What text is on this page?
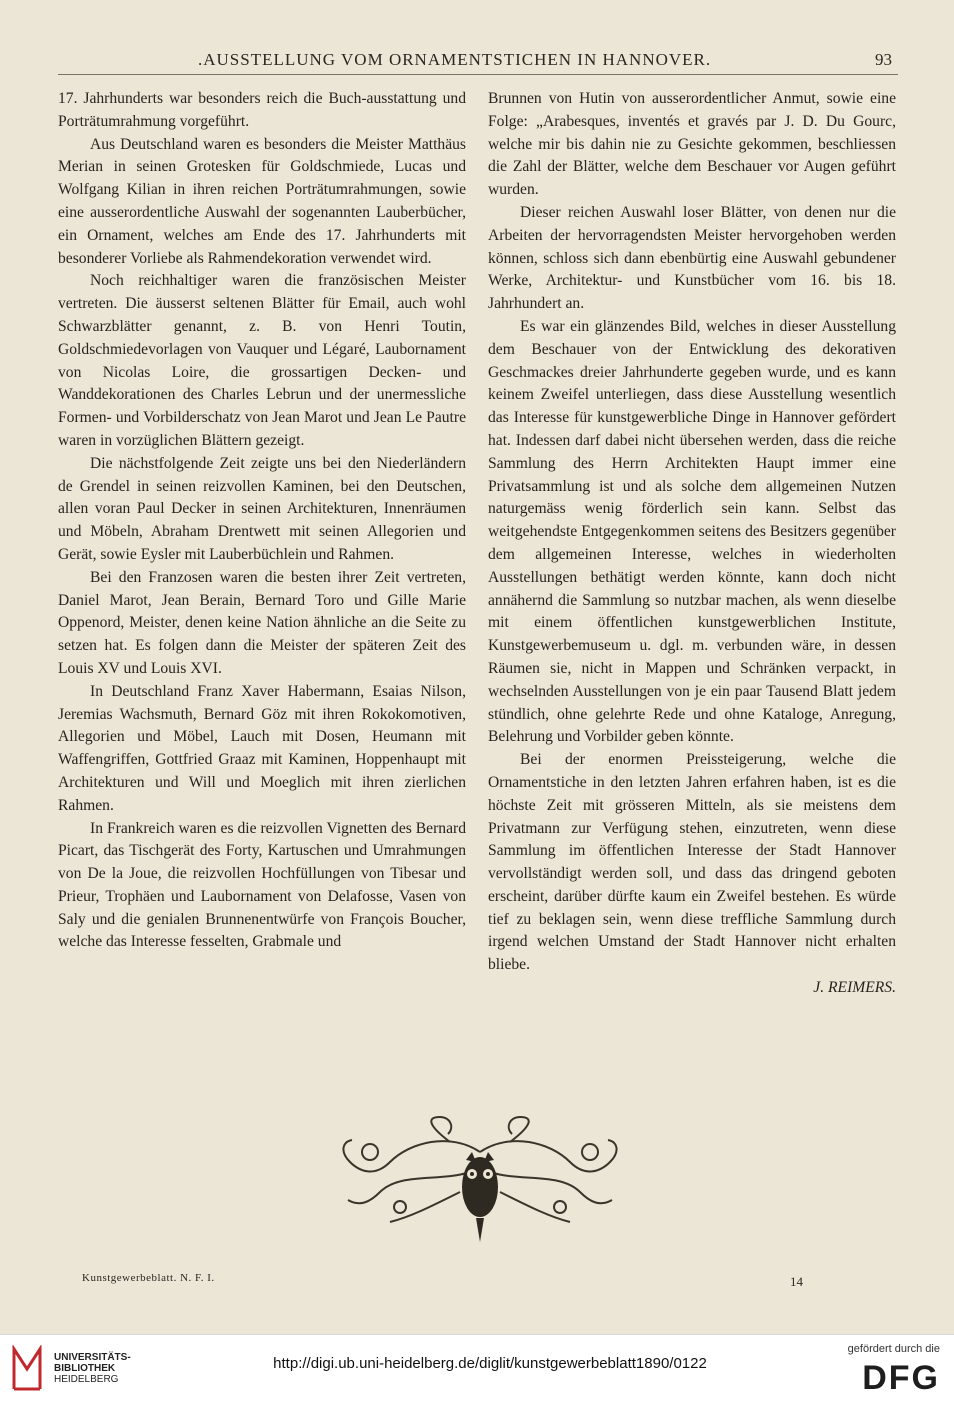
.AUSSTELLUNG VOM ORNAMENTSTICHEN IN HANNOVER.	93

17. Jahrhunderts war besonders reich die Buch-ausstattung und Porträtumrahmung vorgeführt.

Aus Deutschland waren es besonders die Meister Matthäus Merian in seinen Grotesken für Goldschmiede, Lucas und Wolfgang Kilian in ihren reichen Porträtumrahmungen, sowie eine ausserordentliche Auswahl der sogenannten Lauberbücher, ein Ornament, welches am Ende des 17. Jahrhunderts mit besonderer Vorliebe als Rahmendekoration verwendet wird.

Noch reichhaltiger waren die französischen Meister vertreten. Die äusserst seltenen Blätter für Email, auch wohl Schwarzblätter genannt, z. B. von Henri Toutin, Goldschmiedevorlagen von Vauquer und Légaré, Laubornament von Nicolas Loire, die grossartigen Decken- und Wanddekorationen des Charles Lebrun und der unermessliche Formen- und Vorbilderschatz von Jean Marot und Jean Le Pautre waren in vorzüglichen Blättern gezeigt.

Die nächstfolgende Zeit zeigte uns bei den Niederländern de Grendel in seinen reizvollen Kaminen, bei den Deutschen, allen voran Paul Decker in seinen Architekturen, Innenräumen und Möbeln, Abraham Drentwett mit seinen Allegorien und Gerät, sowie Eysler mit Lauberbüchlein und Rahmen.

Bei den Franzosen waren die besten ihrer Zeit vertreten, Daniel Marot, Jean Berain, Bernard Toro und Gille Marie Oppenord, Meister, denen keine Nation ähnliche an die Seite zu setzen hat. Es folgen dann die Meister der späteren Zeit des Louis XV und Louis XVI.

In Deutschland Franz Xaver Habermann, Esaias Nilson, Jeremias Wachsmuth, Bernard Göz mit ihren Rokokomotiven, Allegorien und Möbel, Lauch mit Dosen, Heumann mit Waffengriffen, Gottfried Graaz mit Kaminen, Hoppenhaupt mit Architekturen und Will und Moeglich mit ihren zierlichen Rahmen.

In Frankreich waren es die reizvollen Vignetten des Bernard Picart, das Tischgerät des Forty, Kartuschen und Umrahmungen von De la Joue, die reizvollen Hochfüllungen von Tibesar und Prieur, Trophäen und Laubornament von Delafosse, Vasen von Saly und die genialen Brunnenentwürfe von François Boucher, welche das Interesse fesselten, Grabmale und

Brunnen von Hutin von ausserordentlicher Anmut, sowie eine Folge: „Arabesques, inventés et gravés par J. D. Du Gourc, welche mir bis dahin nie zu Gesichte gekommen, beschliessen die Zahl der Blätter, welche dem Beschauer vor Augen geführt wurden.

Dieser reichen Auswahl loser Blätter, von denen nur die Arbeiten der hervorragendsten Meister hervorgehoben werden können, schloss sich dann ebenbürtig eine Auswahl gebundener Werke, Architektur- und Kunstbücher vom 16. bis 18. Jahrhundert an.

Es war ein glänzendes Bild, welches in dieser Ausstellung dem Beschauer von der Entwicklung des dekorativen Geschmackes dreier Jahrhunderte gegeben wurde, und es kann keinem Zweifel unterliegen, dass diese Ausstellung wesentlich das Interesse für kunstgewerbliche Dinge in Hannover gefördert hat. Indessen darf dabei nicht übersehen werden, dass die reiche Sammlung des Herrn Architekten Haupt immer eine Privatsammlung ist und als solche dem allgemeinen Nutzen naturgemäss wenig förderlich sein kann. Selbst das weitgehendste Entgegenkommen seitens des Besitzers gegenüber dem allgemeinen Interesse, welches in wiederholten Ausstellungen bethätigt werden könnte, kann doch nicht annähernd die Sammlung so nutzbar machen, als wenn dieselbe mit einem öffentlichen kunstgewerblichen Institute, Kunstgewerbemuseum u. dgl. m. verbunden wäre, in dessen Räumen sie, nicht in Mappen und Schränken verpackt, in wechselnden Ausstellungen von je ein paar Tausend Blatt jedem stündlich, ohne gelehrte Rede und ohne Kataloge, Anregung, Belehrung und Vorbilder geben könnte.

Bei der enormen Preissteigerung, welche die Ornamentstiche in den letzten Jahren erfahren haben, ist es die höchste Zeit mit grösseren Mitteln, als sie meistens dem Privatmann zur Verfügung stehen, einzutreten, wenn diese Sammlung im öffentlichen Interesse der Stadt Hannover vervollständigt werden soll, und dass das dringend geboten erscheint, darüber dürfte kaum ein Zweifel bestehen. Es würde tief zu beklagen sein, wenn diese treffliche Sammlung durch irgend welchen Umstand der Stadt Hannover nicht erhalten bliebe.

J. REIMERS.
Kunstgewerbeblatt. N. F. I.	14
UNIVERSITÄTS-
BIBLIOTHEK
HEIDELBERG
http://digi.ub.uni-heidelberg.de/diglit/kunstgewerbeblatt1890/0122
gefördert durch die
DFG
